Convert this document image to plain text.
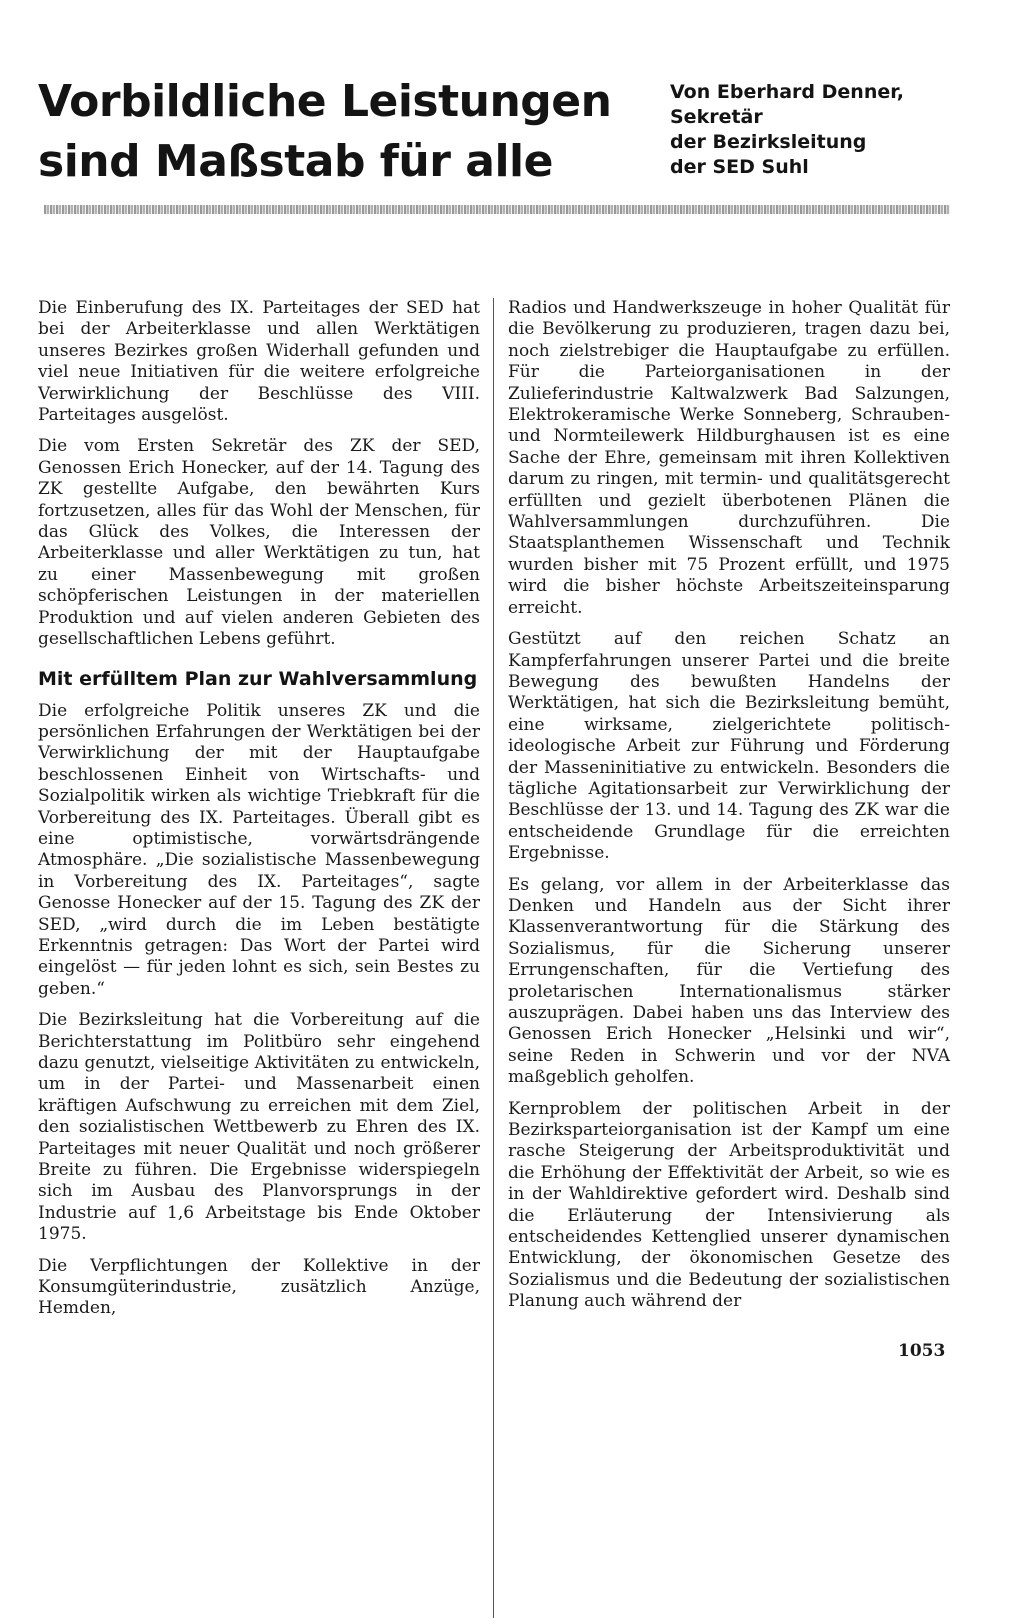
Vorbildliche Leistungen
sind Maßstab für alle
Von Eberhard Denner,
Sekretär
der Bezirksleitung
der SED Suhl

Die Einberufung des IX. Parteitages der SED hat bei der Arbeiterklasse und allen Werktätigen unseres Bezirkes großen Widerhall gefunden und viel neue Initiativen für die weitere erfolgreiche Verwirklichung der Beschlüsse des VIII. Parteitages ausgelöst.

Die vom Ersten Sekretär des ZK der SED, Genossen Erich Honecker, auf der 14. Tagung des ZK gestellte Aufgabe, den bewährten Kurs fortzusetzen, alles für das Wohl der Menschen, für das Glück des Volkes, die Interessen der Arbeiterklasse und aller Werktätigen zu tun, hat zu einer Massenbewegung mit großen schöpferischen Leistungen in der materiellen Produktion und auf vielen anderen Gebieten des gesellschaftlichen Lebens geführt.

Mit erfülltem Plan zur Wahlversammlung

Die erfolgreiche Politik unseres ZK und die persönlichen Erfahrungen der Werktätigen bei der Verwirklichung der mit der Hauptaufgabe beschlossenen Einheit von Wirtschafts- und Sozialpolitik wirken als wichtige Triebkraft für die Vorbereitung des IX. Parteitages. Überall gibt es eine optimistische, vorwärtsdrängende Atmosphäre. „Die sozialistische Massenbewegung in Vorbereitung des IX. Parteitages“, sagte Genosse Honecker auf der 15. Tagung des ZK der SED, „wird durch die im Leben bestätigte Erkenntnis getragen: Das Wort der Partei wird eingelöst — für jeden lohnt es sich, sein Bestes zu geben.“

Die Bezirksleitung hat die Vorbereitung auf die Berichterstattung im Politbüro sehr eingehend dazu genutzt, vielseitige Aktivitäten zu entwickeln, um in der Partei- und Massenarbeit einen kräftigen Aufschwung zu erreichen mit dem Ziel, den sozialistischen Wettbewerb zu Ehren des IX. Parteitages mit neuer Qualität und noch größerer Breite zu führen. Die Ergebnisse widerspiegeln sich im Ausbau des Planvorsprungs in der Industrie auf 1,6 Arbeitstage bis Ende Oktober 1975.

Die Verpflichtungen der Kollektive in der Konsumgüterindustrie, zusätzlich Anzüge, Hemden,

Radios und Handwerkszeuge in hoher Qualität für die Bevölkerung zu produzieren, tragen dazu bei, noch zielstrebiger die Hauptaufgabe zu erfüllen. Für die Parteiorganisationen in der Zulieferindustrie Kaltwalzwerk Bad Salzungen, Elektrokeramische Werke Sonneberg, Schrauben- und Normteilewerk Hildburghausen ist es eine Sache der Ehre, gemeinsam mit ihren Kollektiven darum zu ringen, mit termin- und qualitätsgerecht erfüllten und gezielt überbotenen Plänen die Wahlversammlungen durchzuführen. Die Staatsplanthemen Wissenschaft und Technik wurden bisher mit 75 Prozent erfüllt, und 1975 wird die bisher höchste Arbeitszeiteinsparung erreicht.

Gestützt auf den reichen Schatz an Kampferfahrungen unserer Partei und die breite Bewegung des bewußten Handelns der Werktätigen, hat sich die Bezirksleitung bemüht, eine wirksame, zielgerichtete politisch-ideologische Arbeit zur Führung und Förderung der Masseninitiative zu entwickeln. Besonders die tägliche Agitationsarbeit zur Verwirklichung der Beschlüsse der 13. und 14. Tagung des ZK war die entscheidende Grundlage für die erreichten Ergebnisse.

Es gelang, vor allem in der Arbeiterklasse das Denken und Handeln aus der Sicht ihrer Klassenverantwortung für die Stärkung des Sozialismus, für die Sicherung unserer Errungenschaften, für die Vertiefung des proletarischen Internationalismus stärker auszuprägen. Dabei haben uns das Interview des Genossen Erich Honecker „Helsinki und wir“, seine Reden in Schwerin und vor der NVA maßgeblich geholfen.

Kernproblem der politischen Arbeit in der Bezirksparteiorganisation ist der Kampf um eine rasche Steigerung der Arbeitsproduktivität und die Erhöhung der Effektivität der Arbeit, so wie es in der Wahldirektive gefordert wird. Deshalb sind die Erläuterung der Intensivierung als entscheidendes Kettenglied unserer dynamischen Entwicklung, der ökonomischen Gesetze des Sozialismus und die Bedeutung der sozialistischen Planung auch während der

1053
